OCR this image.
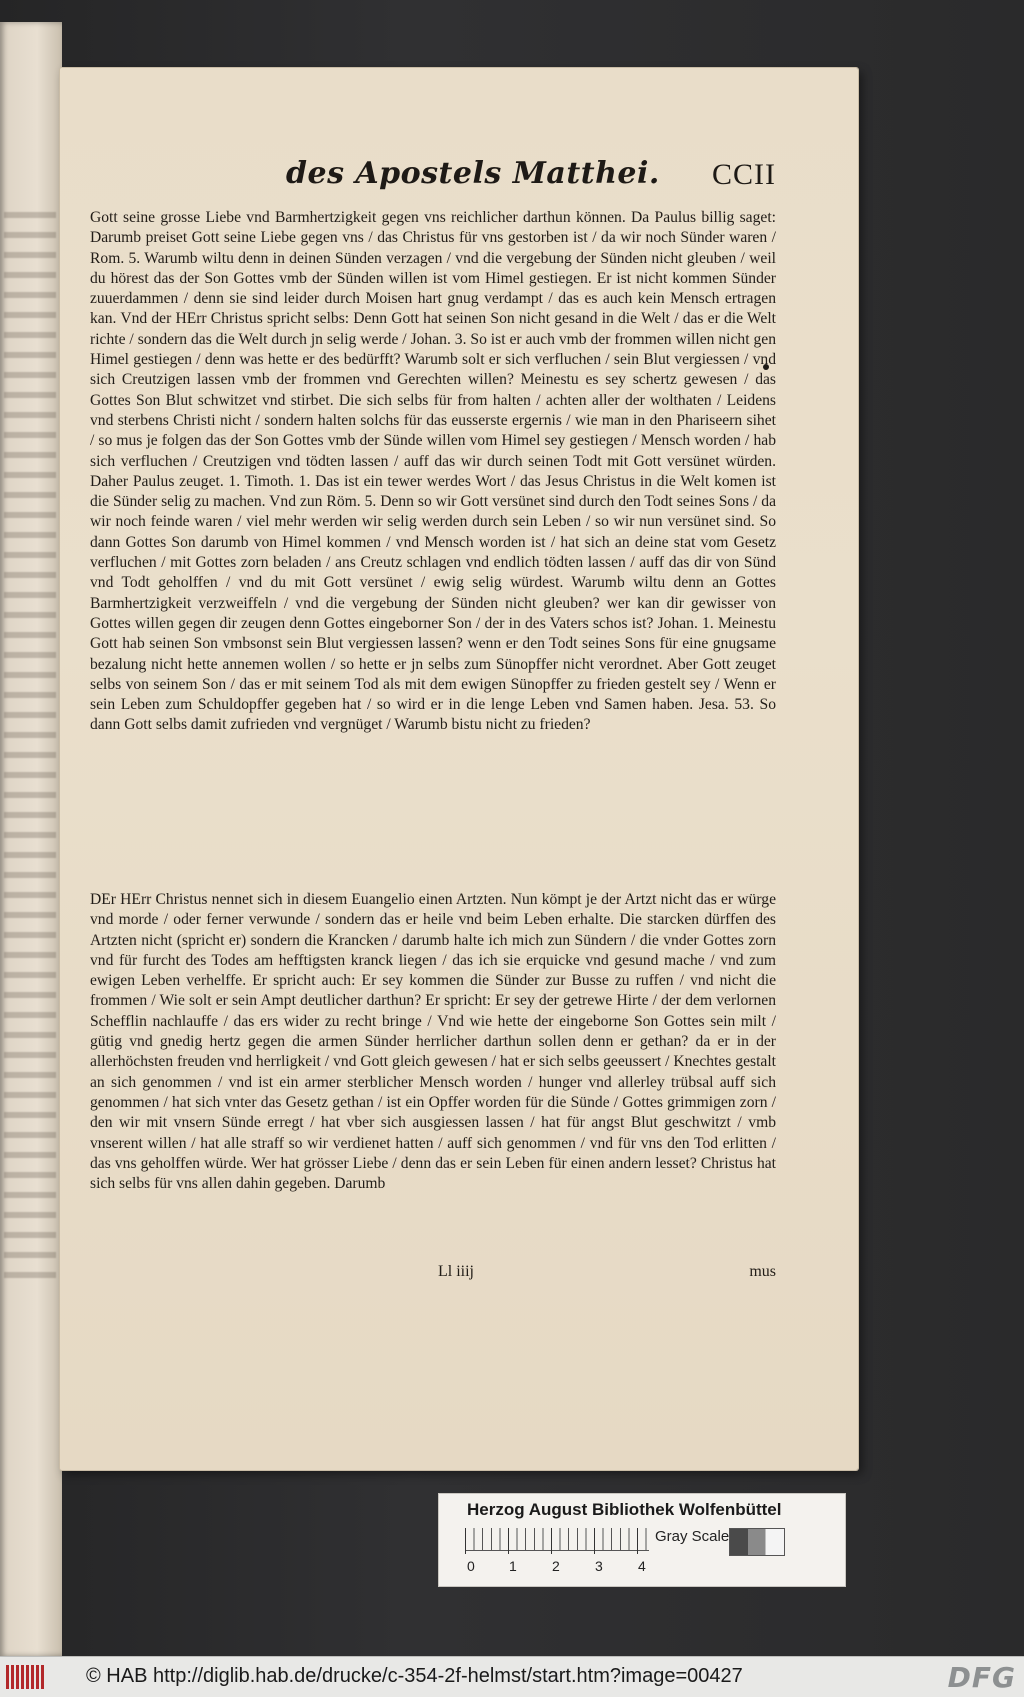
des Apostels Matthei. CCII

Gott seine grosse Liebe vnd Barmhertzigkeit gegen vns reichlicher darthun können. Da Paulus billig saget: Darumb preiset Gott seine Liebe gegen vns / das Christus für vns gestorben ist / da wir noch Sünder waren / Rom. 5. Warumb wiltu denn in deinen Sünden verzagen / vnd die vergebung der Sünden nicht gleuben / weil du hörest das der Son Gottes vmb der Sünden willen ist vom Himel gestiegen. Er ist nicht kommen Sünder zuuerdammen / denn sie sind leider durch Moisen hart gnug verdampt / das es auch kein Mensch ertragen kan. Vnd der HErr Christus spricht selbs: Denn Gott hat seinen Son nicht gesand in die Welt / das er die Welt richte / sondern das die Welt durch jn selig werde / Johan. 3. So ist er auch vmb der frommen willen nicht gen Himel gestiegen / denn was hette er des bedürfft? Warumb solt er sich verfluchen / sein Blut vergiessen / vnd sich Creutzigen lassen vmb der frommen vnd Gerechten willen? Meinestu es sey schertz gewesen / das Gottes Son Blut schwitzet vnd stirbet. Die sich selbs für from halten / achten aller der wolthaten / Leidens vnd sterbens Christi nicht / sondern halten solchs für das eusserste ergernis / wie man in den Phariseern sihet / so mus je folgen das der Son Gottes vmb der Sünde willen vom Himel sey gestiegen / Mensch worden / hab sich verfluchen / Creutzigen vnd tödten lassen / auff das wir durch seinen Todt mit Gott versünet würden. Daher Paulus zeuget. 1. Timoth. 1. Das ist ein tewer werdes Wort / das Jesus Christus in die Welt komen ist die Sünder selig zu machen. Vnd zun Röm. 5. Denn so wir Gott versünet sind durch den Todt seines Sons / da wir noch feinde waren / viel mehr werden wir selig werden durch sein Leben / so wir nun versünet sind. So dann Gottes Son darumb von Himel kommen / vnd Mensch worden ist / hat sich an deine stat vom Gesetz verfluchen / mit Gottes zorn beladen / ans Creutz schlagen vnd endlich tödten lassen / auff das dir von Sünd vnd Todt geholffen / vnd du mit Gott versünet / ewig selig würdest. Warumb wiltu denn an Gottes Barmhertzigkeit verzweiffeln / vnd die vergebung der Sünden nicht gleuben? wer kan dir gewisser von Gottes willen gegen dir zeugen denn Gottes eingeborner Son / der in des Vaters schos ist? Johan. 1. Meinestu Gott hab seinen Son vmbsonst sein Blut vergiessen lassen? wenn er den Todt seines Sons für eine gnugsame bezalung nicht hette annemen wollen / so hette er jn selbs zum Sünopffer nicht verordnet. Aber Gott zeuget selbs von seinem Son / das er mit seinem Tod als mit dem ewigen Sünopffer zu frieden gestelt sey / Wenn er sein Leben zum Schuldopffer gegeben hat / so wird er in die lenge Leben vnd Samen haben. Jesa. 53. So dann Gott selbs damit zufrieden vnd vergnüget / Warumb bistu nicht zu frieden?

DEr HErr Christus nennet sich in diesem Euangelio einen Artzten. Nun kömpt je der Artzt nicht das er würge vnd morde / oder ferner verwunde / sondern das er heile vnd beim Leben erhalte. Die starcken dürffen des Artzten nicht (spricht er) sondern die Krancken / darumb halte ich mich zun Sündern / die vnder Gottes zorn vnd für furcht des Todes am hefftigsten kranck liegen / das ich sie erquicke vnd gesund mache / vnd zum ewigen Leben verhelffe. Er spricht auch: Er sey kommen die Sünder zur Busse zu ruffen / vnd nicht die frommen / Wie solt er sein Ampt deutlicher darthun? Er spricht: Er sey der getrewe Hirte / der dem verlornen Schefflin nachlauffe / das ers wider zu recht bringe / Vnd wie hette der eingeborne Son Gottes sein milt / gütig vnd gnedig hertz gegen die armen Sünder herrlicher darthun sollen denn er gethan? da er in der allerhöchsten freuden vnd herrligkeit / vnd Gott gleich gewesen / hat er sich selbs geeussert / Knechtes gestalt an sich genommen / vnd ist ein armer sterblicher Mensch worden / hunger vnd allerley trübsal auff sich genommen / hat sich vnter das Gesetz gethan / ist ein Opffer worden für die Sünde / Gottes grimmigen zorn / den wir mit vnsern Sünde erregt / hat vber sich ausgiessen lassen / hat für angst Blut geschwitzt / vmb vnserent willen / hat alle straff so wir verdienet hatten / auff sich genommen / vnd für vns den Tod erlitten / das vns geholffen würde. Wer hat grösser Liebe / denn das er sein Leben für einen andern lesset? Christus hat sich selbs für vns allen dahin gegeben. Darumb

Ll iiij	mus
Herzog August Bibliothek Wolfenbüttel
0 1	2	3	4
Gray Scale
© HAB http://diglib.hab.de/drucke/c-354-2f-helmst/start.htm?image=00427	DFG
